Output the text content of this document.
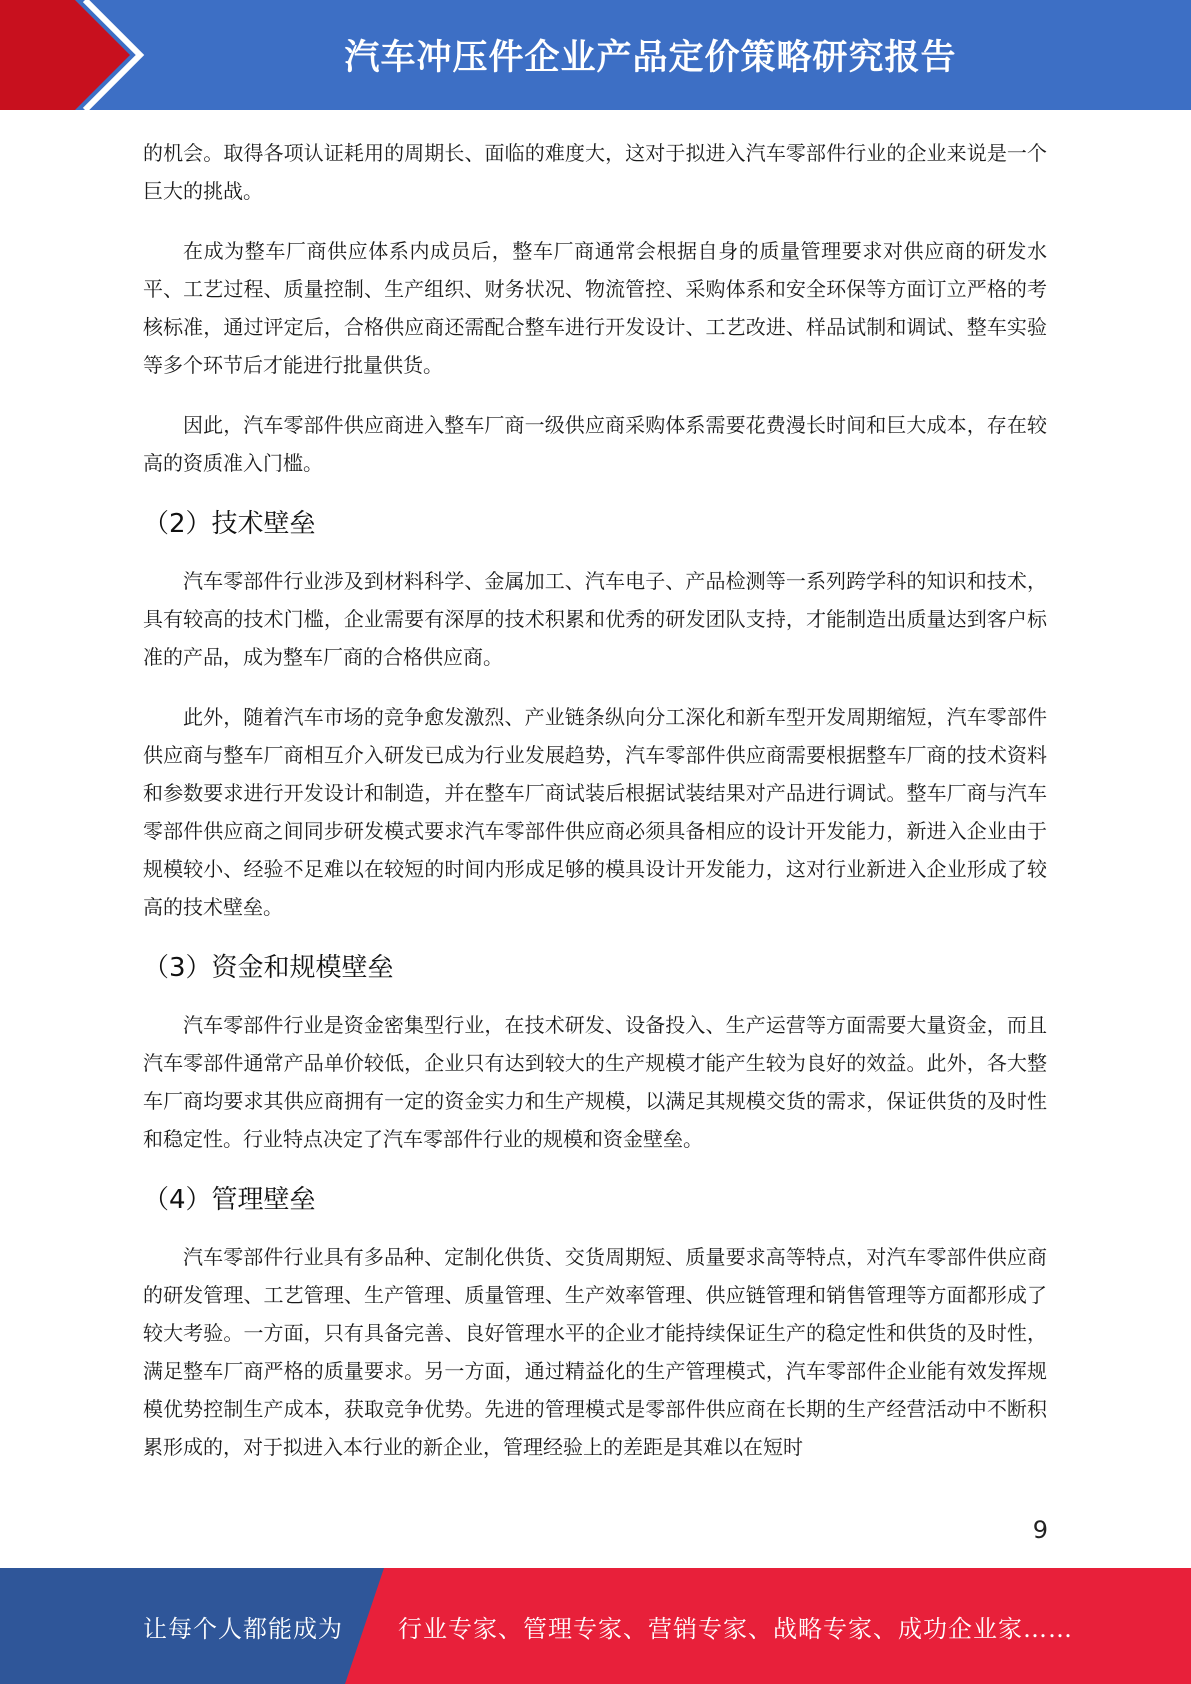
汽车冲压件企业产品定价策略研究报告

的机会。取得各项认证耗用的周期长、面临的难度大，这对于拟进入汽车零部件行业的企业来说是一个巨大的挑战。

在成为整车厂商供应体系内成员后，整车厂商通常会根据自身的质量管理要求对供应商的研发水平、工艺过程、质量控制、生产组织、财务状况、物流管控、采购体系和安全环保等方面订立严格的考核标准，通过评定后，合格供应商还需配合整车进行开发设计、工艺改进、样品试制和调试、整车实验等多个环节后才能进行批量供货。

因此，汽车零部件供应商进入整车厂商一级供应商采购体系需要花费漫长时间和巨大成本，存在较高的资质准入门槛。

（2）技术壁垒

汽车零部件行业涉及到材料科学、金属加工、汽车电子、产品检测等一系列跨学科的知识和技术，具有较高的技术门槛，企业需要有深厚的技术积累和优秀的研发团队支持，才能制造出质量达到客户标准的产品，成为整车厂商的合格供应商。

此外，随着汽车市场的竞争愈发激烈、产业链条纵向分工深化和新车型开发周期缩短，汽车零部件供应商与整车厂商相互介入研发已成为行业发展趋势，汽车零部件供应商需要根据整车厂商的技术资料和参数要求进行开发设计和制造，并在整车厂商试装后根据试装结果对产品进行调试。整车厂商与汽车零部件供应商之间同步研发模式要求汽车零部件供应商必须具备相应的设计开发能力，新进入企业由于规模较小、经验不足难以在较短的时间内形成足够的模具设计开发能力，这对行业新进入企业形成了较高的技术壁垒。

（3）资金和规模壁垒

汽车零部件行业是资金密集型行业，在技术研发、设备投入、生产运营等方面需要大量资金，而且汽车零部件通常产品单价较低，企业只有达到较大的生产规模才能产生较为良好的效益。此外，各大整车厂商均要求其供应商拥有一定的资金实力和生产规模，以满足其规模交货的需求，保证供货的及时性和稳定性。行业特点决定了汽车零部件行业的规模和资金壁垒。

（4）管理壁垒

汽车零部件行业具有多品种、定制化供货、交货周期短、质量要求高等特点，对汽车零部件供应商的研发管理、工艺管理、生产管理、质量管理、生产效率管理、供应链管理和销售管理等方面都形成了较大考验。一方面，只有具备完善、良好管理水平的企业才能持续保证生产的稳定性和供货的及时性，满足整车厂商严格的质量要求。另一方面，通过精益化的生产管理模式，汽车零部件企业能有效发挥规模优势控制生产成本，获取竞争优势。先进的管理模式是零部件供应商在长期的生产经营活动中不断积累形成的，对于拟进入本行业的新企业，管理经验上的差距是其难以在短时

9
让每个人都能成为 行业专家、管理专家、营销专家、战略专家、成功企业家……
